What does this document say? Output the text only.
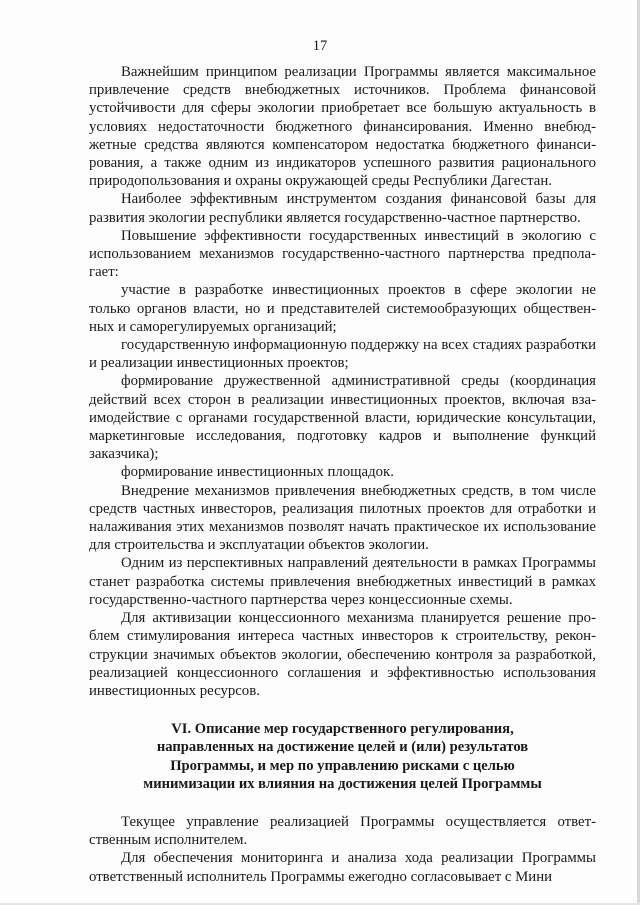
17

Важнейшим принципом реализации Программы является максимальное привлечение средств внебюджетных источников. Проблема финансовой устойчивости для сферы экологии приобретает все большую актуальность в условиях недостаточности бюджетного финансирования. Именно внебюджетные средства являются компенсатором недостатка бюджетного финансирования, а также одним из индикаторов успешного развития рационального природопользования и охраны окружающей среды Республики Дагестан.

Наиболее эффективным инструментом создания финансовой базы для развития экологии республики является государственно-частное партнерство.

Повышение эффективности государственных инвестиций в экологию с использованием механизмов государственно-частного партнерства предполагает:

участие в разработке инвестиционных проектов в сфере экологии не только органов власти, но и представителей системообразующих общественных и саморегулируемых организаций;

государственную информационную поддержку на всех стадиях разработки и реализации инвестиционных проектов;

формирование дружественной административной среды (координация действий всех сторон в реализации инвестиционных проектов, включая взаимодействие с органами государственной власти, юридические консультации, маркетинговые исследования, подготовку кадров и выполнение функций заказчика);

формирование инвестиционных площадок.

Внедрение механизмов привлечения внебюджетных средств, в том числе средств частных инвесторов, реализация пилотных проектов для отработки и налаживания этих механизмов позволят начать практическое их использование для строительства и эксплуатации объектов экологии.

Одним из перспективных направлений деятельности в рамках Программы станет разработка системы привлечения внебюджетных инвестиций в рамках государственно-частного партнерства через концессионные схемы.

Для активизации концессионного механизма планируется решение проблем стимулирования интереса частных инвесторов к строительству, реконструкции значимых объектов экологии, обеспечению контроля за разработкой, реализацией концессионного соглашения и эффективностью использования инвестиционных ресурсов.

VI. Описание мер государственного регулирования,
направленных на достижение целей и (или) результатов
Программы, и мер по управлению рисками с целью
минимизации их влияния на достижения целей Программы

Текущее управление реализацией Программы осуществляется ответственным исполнителем.

Для обеспечения мониторинга и анализа хода реализации Программы ответственный исполнитель Программы ежегодно согласовывает с Мини
